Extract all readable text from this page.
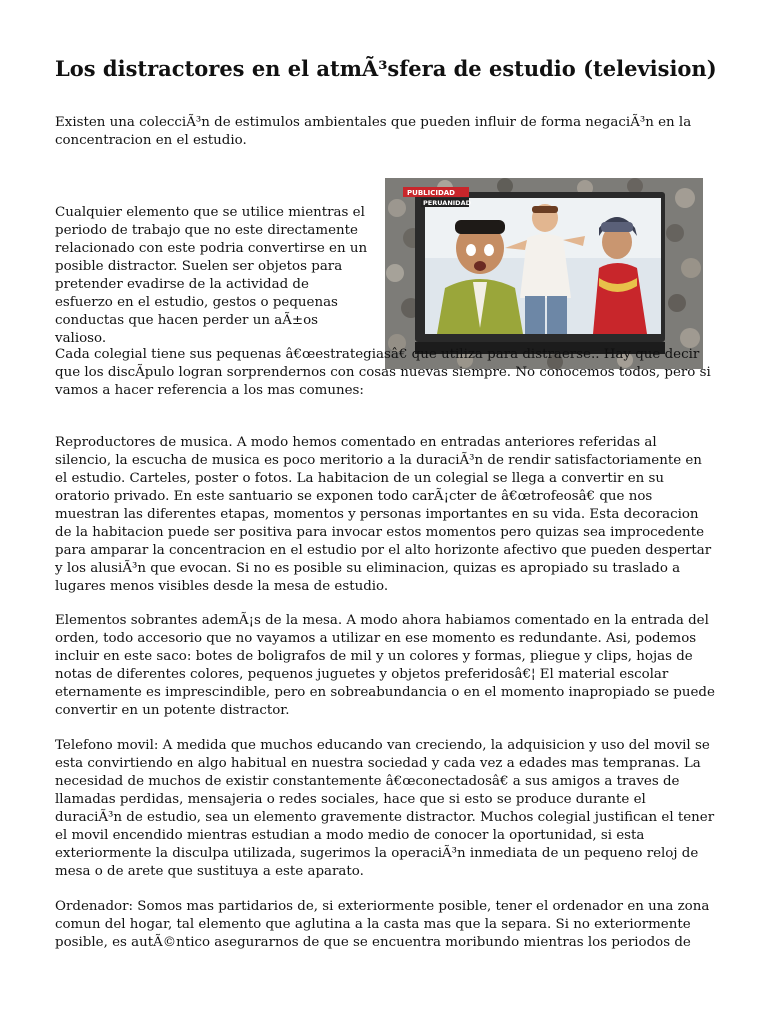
Los distractores en el atmÃ³sfera de estudio (television)

Existen una colecciÃ³n de estimulos ambientales que pueden influir de forma negaciÃ³n en la concentracion en el estudio.

Cualquier elemento que se utilice mientras el periodo de trabajo que no este directamente relacionado con este podria convertirse en un posible distractor. Suelen ser objetos para pretender evadirse de la actividad de esfuerzo en el estudio, gestos o pequenas conductas que hacen perder un aÃ±os valioso.

PUBLICIDAD
PERUANIDAD

Cada colegial tiene sus pequenas â€œestrategiasâ€ que utiliza para distraerse.. Hay que decir que los discÃpulo logran sorprendernos con cosas nuevas siempre. No conocemos todos, pero si vamos a hacer referencia a los mas comunes:

Reproductores de musica. A modo hemos comentado en entradas anteriores referidas al silencio, la escucha de musica es poco meritorio a la duraciÃ³n de rendir satisfactoriamente en el estudio. Carteles, poster o fotos. La habitacion de un colegial se llega a convertir en su oratorio privado. En este santuario se exponen todo carÃ¡cter de â€œtrofeosâ€ que nos muestran las diferentes etapas, momentos y personas importantes en su vida. Esta decoracion de la habitacion puede ser positiva para invocar estos momentos pero quizas sea improcedente para amparar la concentracion en el estudio por el alto horizonte afectivo que pueden despertar y los alusiÃ³n que evocan. Si no es posible su eliminacion, quizas es apropiado su traslado a lugares menos visibles desde la mesa de estudio.

Elementos sobrantes ademÃ¡s de la mesa. A modo ahora habiamos comentado en la entrada del orden, todo accesorio que no vayamos a utilizar en ese momento es redundante. Asi, podemos incluir en este saco: botes de boligrafos de mil y un colores y formas, pliegue y clips, hojas de notas de diferentes colores, pequenos juguetes y objetos preferidosâ€¦ El material escolar eternamente es imprescindible, pero en sobreabundancia o en el momento inapropiado se puede convertir en un potente distractor.

Telefono movil: A medida que muchos educando van creciendo, la adquisicion y uso del movil se esta convirtiendo en algo habitual en nuestra sociedad y cada vez a edades mas tempranas. La necesidad de muchos de existir constantemente â€œconectadosâ€ a sus amigos a traves de llamadas perdidas, mensajeria o redes sociales, hace que si esto se produce durante el duraciÃ³n de estudio, sea un elemento gravemente distractor. Muchos colegial justifican el tener el movil encendido mientras estudian a modo medio de conocer la oportunidad, si esta exteriormente la disculpa utilizada, sugerimos la operaciÃ³n inmediata de un pequeno reloj de mesa o de arete que sustituya a este aparato.

Ordenador: Somos mas partidarios de, si exteriormente posible, tener el ordenador en una zona comun del hogar, tal elemento que aglutina a la casta mas que la separa. Si no exteriormente posible, es autÃ©ntico asegurarnos de que se encuentra moribundo mientras los periodos de
